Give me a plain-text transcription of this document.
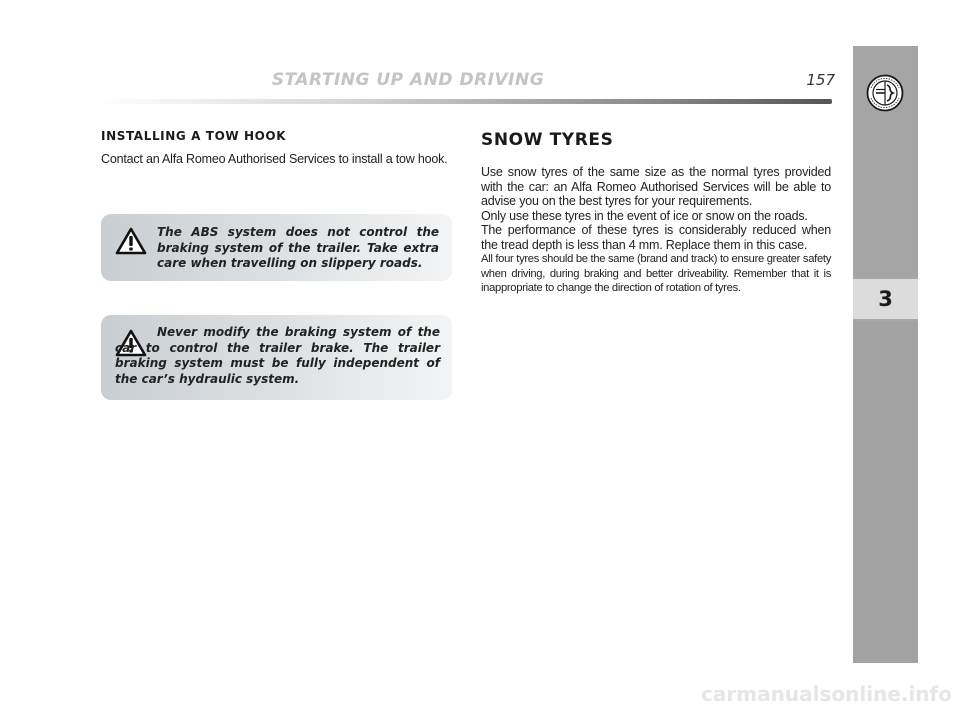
STARTING UP AND DRIVING	157
3
INSTALLING A TOW HOOK
Contact an Alfa Romeo Authorised Services to install a tow hook.
The ABS system does not control the braking system of the trailer. Take extra care when travelling on slippery roads.
Never modify the braking system of the car to control the trailer brake. The trailer braking system must be fully independent of the car’s hydraulic system.
SNOW TYRES

Use snow tyres of the same size as the normal tyres provided with the car: an Alfa Romeo Authorised Services will be able to advise you on the best tyres for your requirements.

Only use these tyres in the event of ice or snow on the roads.

The performance of these tyres is considerably reduced when the tread depth is less than 4 mm. Replace them in this case.

All four tyres should be the same (brand and track) to ensure greater safety when driving, during braking and better driveability. Remember that it is inappropriate to change the direction of rotation of tyres.

carmanualsonline.info
